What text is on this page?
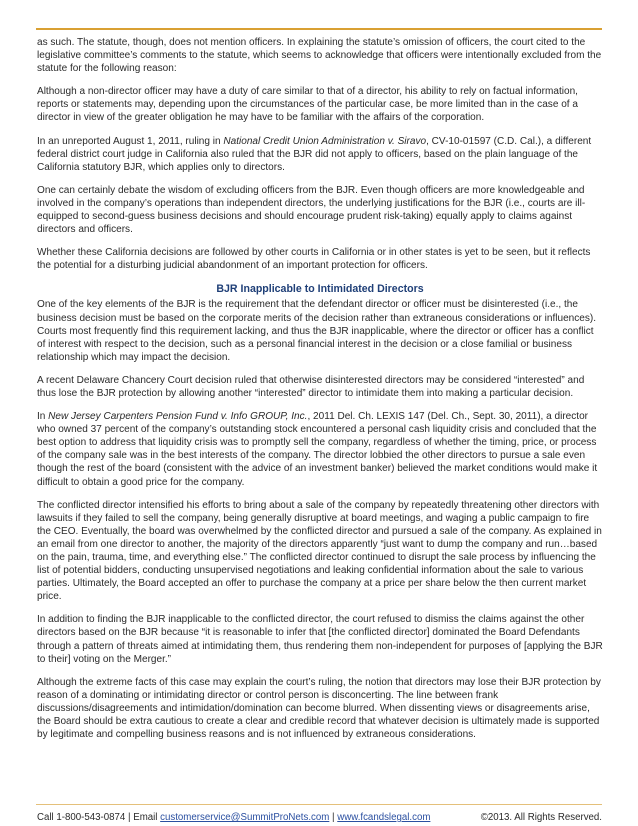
as such. The statute, though, does not mention officers. In explaining the statute’s omission of officers, the court cited to the legislative committee’s comments to the statute, which seems to acknowledge that officers were intentionally excluded from the statute for the following reason:

Although a non-director officer may have a duty of care similar to that of a director, his ability to rely on factual information, reports or statements may, depending upon the circumstances of the particular case, be more limited than in the case of a director in view of the greater obligation he may have to be familiar with the affairs of the corporation.

In an unreported August 1, 2011, ruling in National Credit Union Administration v. Siravo, CV-10-01597 (C.D. Cal.), a different federal district court judge in California also ruled that the BJR did not apply to officers, based on the plain language of the California statutory BJR, which applies only to directors.

One can certainly debate the wisdom of excluding officers from the BJR. Even though officers are more knowledgeable and involved in the company’s operations than independent directors, the underlying justifications for the BJR (i.e., courts are ill-equipped to second-guess business decisions and should encourage prudent risk-taking) equally apply to claims against directors and officers.

Whether these California decisions are followed by other courts in California or in other states is yet to be seen, but it reflects the potential for a disturbing judicial abandonment of an important protection for officers.

BJR Inapplicable to Intimidated Directors

One of the key elements of the BJR is the requirement that the defendant director or officer must be disinterested (i.e., the business decision must be based on the corporate merits of the decision rather than extraneous considerations or influences). Courts most frequently find this requirement lacking, and thus the BJR inapplicable, where the director or officer has a conflict of interest with respect to the decision, such as a personal financial interest in the decision or a close familial or business relationship which may impact the decision.

A recent Delaware Chancery Court decision ruled that otherwise disinterested directors may be considered “interested” and thus lose the BJR protection by allowing another “interested” director to intimidate them into making a particular decision.

In New Jersey Carpenters Pension Fund v. Info GROUP, Inc., 2011 Del. Ch. LEXIS 147 (Del. Ch., Sept. 30, 2011), a director who owned 37 percent of the company’s outstanding stock encountered a personal cash liquidity crisis and concluded that the best option to address that liquidity crisis was to promptly sell the company, regardless of whether the timing, price, or process of the company sale was in the best interests of the company. The director lobbied the other directors to pursue a sale even though the rest of the board (consistent with the advice of an investment banker) believed the market conditions would make it difficult to obtain a good price for the company.

The conflicted director intensified his efforts to bring about a sale of the company by repeatedly threatening other directors with lawsuits if they failed to sell the company, being generally disruptive at board meetings, and waging a public campaign to fire the CEO. Eventually, the board was overwhelmed by the conflicted director and pursued a sale of the company. As explained in an email from one director to another, the majority of the directors apparently “just want to dump the company and run…based on the pain, trauma, time, and everything else.” The conflicted director continued to disrupt the sale process by influencing the list of potential bidders, conducting unsupervised negotiations and leaking confidential information about the sale to various parties. Ultimately, the Board accepted an offer to purchase the company at a price per share below the then current market price.

In addition to finding the BJR inapplicable to the conflicted director, the court refused to dismiss the claims against the other directors based on the BJR because “it is reasonable to infer that [the conflicted director] dominated the Board Defendants through a pattern of threats aimed at intimidating them, thus rendering them non-independent for purposes of [applying the BJR to their] voting on the Merger.”

Although the extreme facts of this case may explain the court’s ruling, the notion that directors may lose their BJR protection by reason of a dominating or intimidating director or control person is disconcerting. The line between frank discussions/disagreements and intimidation/domination can become blurred. When dissenting views or disagreements arise, the Board should be extra cautious to create a clear and credible record that whatever decision is ultimately made is supported by legitimate and compelling business reasons and is not influenced by extraneous considerations.

Call 1-800-543-0874 | Email customerservice@SummitProNets.com | www.fcandslegal.com	©2013. All Rights Reserved.
